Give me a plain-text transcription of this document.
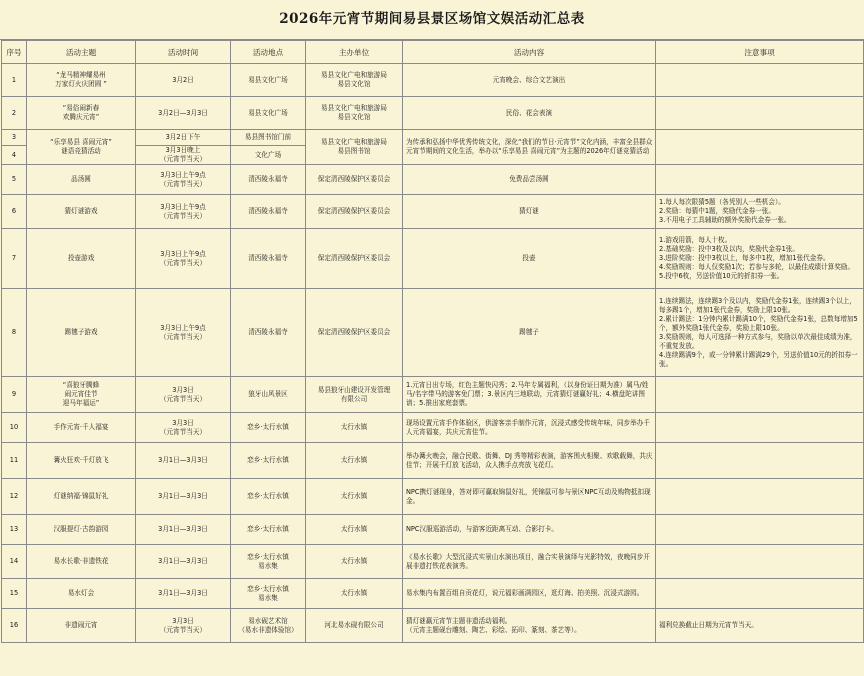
2026年元宵节期间易县景区场馆文娱活动汇总表
序号	活动主题	活动时间	活动地点	主办单位	活动内容	注意事项
1	“龙马精神耀易州
万家灯火庆团圆 ”	3月2日	易县文化广场	易县文化广电和旅游局
易县文化馆	元宵晚会、综合文艺演出	

2	“易俗闹新春
欢腾庆元宵”	3月2日—3月3日	易县文化广场	易县文化广电和旅游局
易县文化馆	民俗、花会表演	

3	“乐享易县 喜闹元宵”
谜语竞猜活动	3月2日下午	易县图书馆门前	易县文化广电和旅游局
易县图书馆	为传承和弘扬中华优秀传统文化，深化“我们的节日·元宵节”文化内涵，丰富全县群众元宵节期间的文化生活，举办以“乐享易县 喜闹元宵”为主题的2026年灯谜竞猜活动	

4		3月3日晚上
（元宵节当天）	文化广场			

5	品汤圆	3月3日上午9点
（元宵节当天）	清西陵永福寺	保定清西陵保护区委员会	免费品尝汤圆	

6	猜灯谜游戏	3月3日上午9点
（元宵节当天）	清西陵永福寺	保定清西陵保护区委员会	猜灯谜	1.每人每次限猜5题（各凭别人一些机会）。
2.奖励：每猜中1题，奖励代金券一张。
3.不用电子工具辅助的额外奖励代金券一张。

7	投壶游戏	3月3日上午9点
（元宵节当天）	清西陵永福寺	保定清西陵保护区委员会	投壶	1.游戏用箭，每人十枚。
2.基础奖励：投中3枚及以内，奖励代金券1张。
3.进阶奖励：投中3枚以上，每多中1枚，增加1张代金券。
4.奖励规则：每人仅奖励1次；若参与多轮，以最佳成绩计算奖励。
5.投中6枚，另送价值10元的折扣券一张。

8	踢毽子游戏	3月3日上午9点
（元宵节当天）	清西陵永福寺	保定清西陵保护区委员会	踢毽子	1.连续踢法，连续踢3个及以内，奖励代金券1张，连续踢3个以上，每多踢1个，增加1张代金券，奖励上限10张。
2.累计踢法：1分钟内累计踢满10个，奖励代金券1张，总数每增加5个，额外奖励1张代金券，奖励上限10张。
3.奖励规则，每人可选择一种方式参与，奖励以单次最佳成绩为准，不重复发放。
4.连续踢满9个，或一分钟累计踢满29个，另送价值10元的折扣券一张。

9	“喜狼牙腾蜂
闹元宵佳节
迎马年福运”	3月3日
（元宵节当天）	狼牙山风景区	易县狼牙山建设开发管理
有限公司	1.元宵日出专场，红色主题快闪秀；2.马年专属福利，（以身份证日期为准）属马/姓马/名字带马的游客免门票；3.景区内三地联动，元宵猜灯谜赢好礼；4.横盘陀讲图谱；5.推出家庭套票。	

10	手作元宵·千人福宴	3月3日
（元宵节当天）	恋乡·太行水镇	太行水镇	现场设置元宵手作体验区，供游客亲手制作元宵，沉浸式感受传统年味，同步举办千人元宵福宴，共庆元宵佳节。	

11	篝火狂欢·千灯放飞	3月1日—3月3日	恋乡·太行水镇	太行水镇	举办篝火晚会，融合民歌、街舞、DJ 秀等精彩表演，游客围火相聚、欢歌载舞，共庆佳节；开展千灯放飞活动，众人携手点亮放飞花灯。	

12	灯谜纳福·锦鼠好礼	3月1日—3月3日	恋乡·太行水镇	太行水镇	NPC携灯谜现身，答对即可赢取锦鼠好礼，凭锦鼠可参与景区NPC互动及购物抵扣现金。	

13	汉服提灯·古韵游园	3月1日—3月3日	恋乡·太行水镇	太行水镇	NPC汉服巡游活动，与游客近距离互动、合影打卡。	

14	易水长歌·非遗铁花	3月1日—3月3日	恋乡·太行水镇
易水集	太行水镇	《易水长歌》大型沉浸式实景山水演出项目，融合实景演绎与光影特效，夜晚同步开展非遗打铁花表演秀。	

15	易水灯会	3月1日—3月3日	恋乡·太行水镇
易水集	太行水镇	易水集内布置百组自贡花灯，说元福彩画满园区，逛灯海、拍美照、沉浸式游园。	

16	非遗闹元宵	3月3日
（元宵节当天）	易水砚艺术馆
（易水非遗体验馆）	河北易水砚有限公司	猜灯谜赢元宵节主题非遗活动福利。
（元宵主题砚台雕刻、陶艺、彩绘、拓印、篆刻、茶艺等）。	福利兑换截止日期为元宵节当天。
